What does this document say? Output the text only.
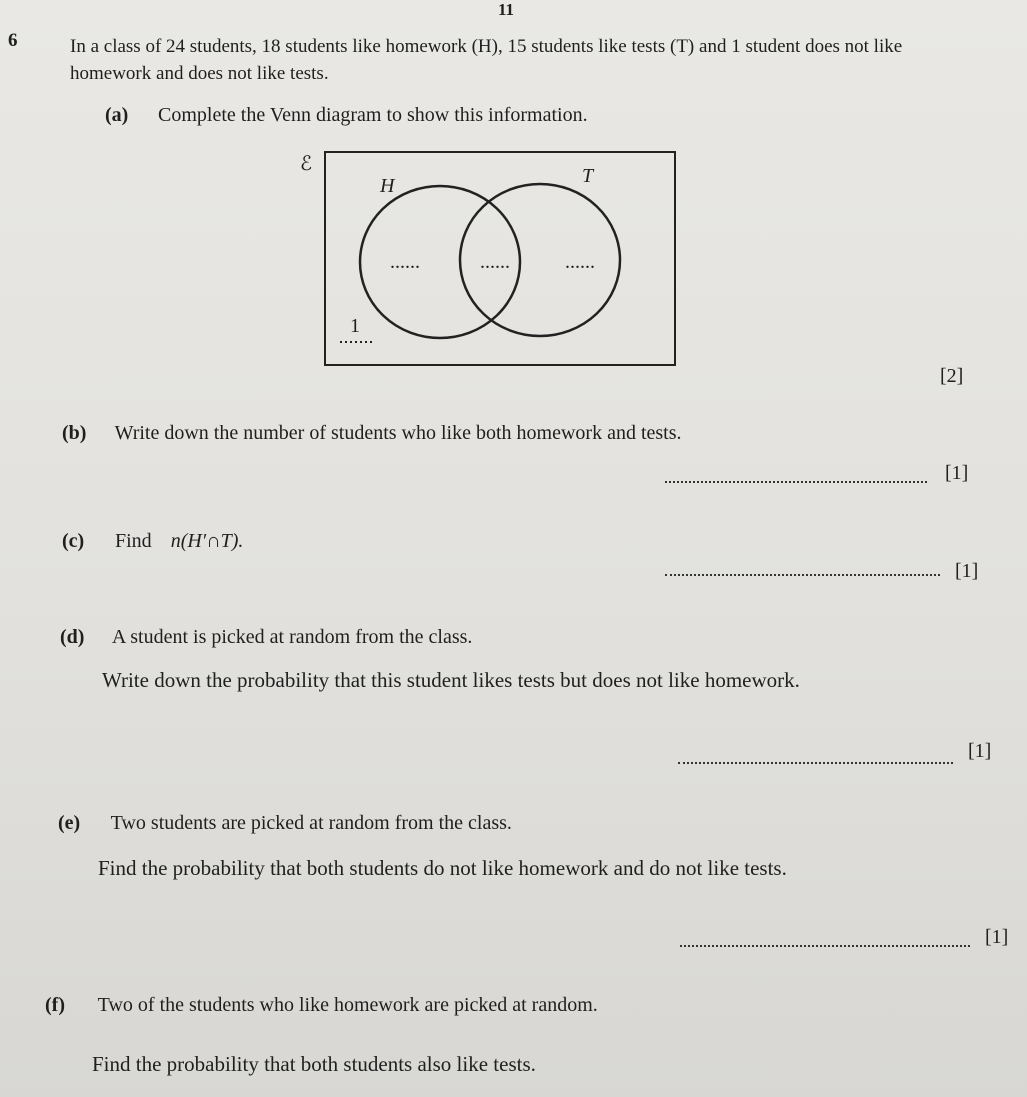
11
6	In a class of 24 students, 18 students like homework (H), 15 students like tests (T) and 1 student does not like homework and does not like tests.
(a) Complete the Venn diagram to show this information.
ℰ
H	T
......	......	......
1
[2]
(b) Write down the number of students who like both homework and tests.
[1]
(c) Find n(H′∩T).
[1]
(d) A student is picked at random from the class.
Write down the probability that this student likes tests but does not like homework.
[1]
(e) Two students are picked at random from the class.
Find the probability that both students do not like homework and do not like tests.
[1]
(f) Two of the students who like homework are picked at random.
Find the probability that both students also like tests.
